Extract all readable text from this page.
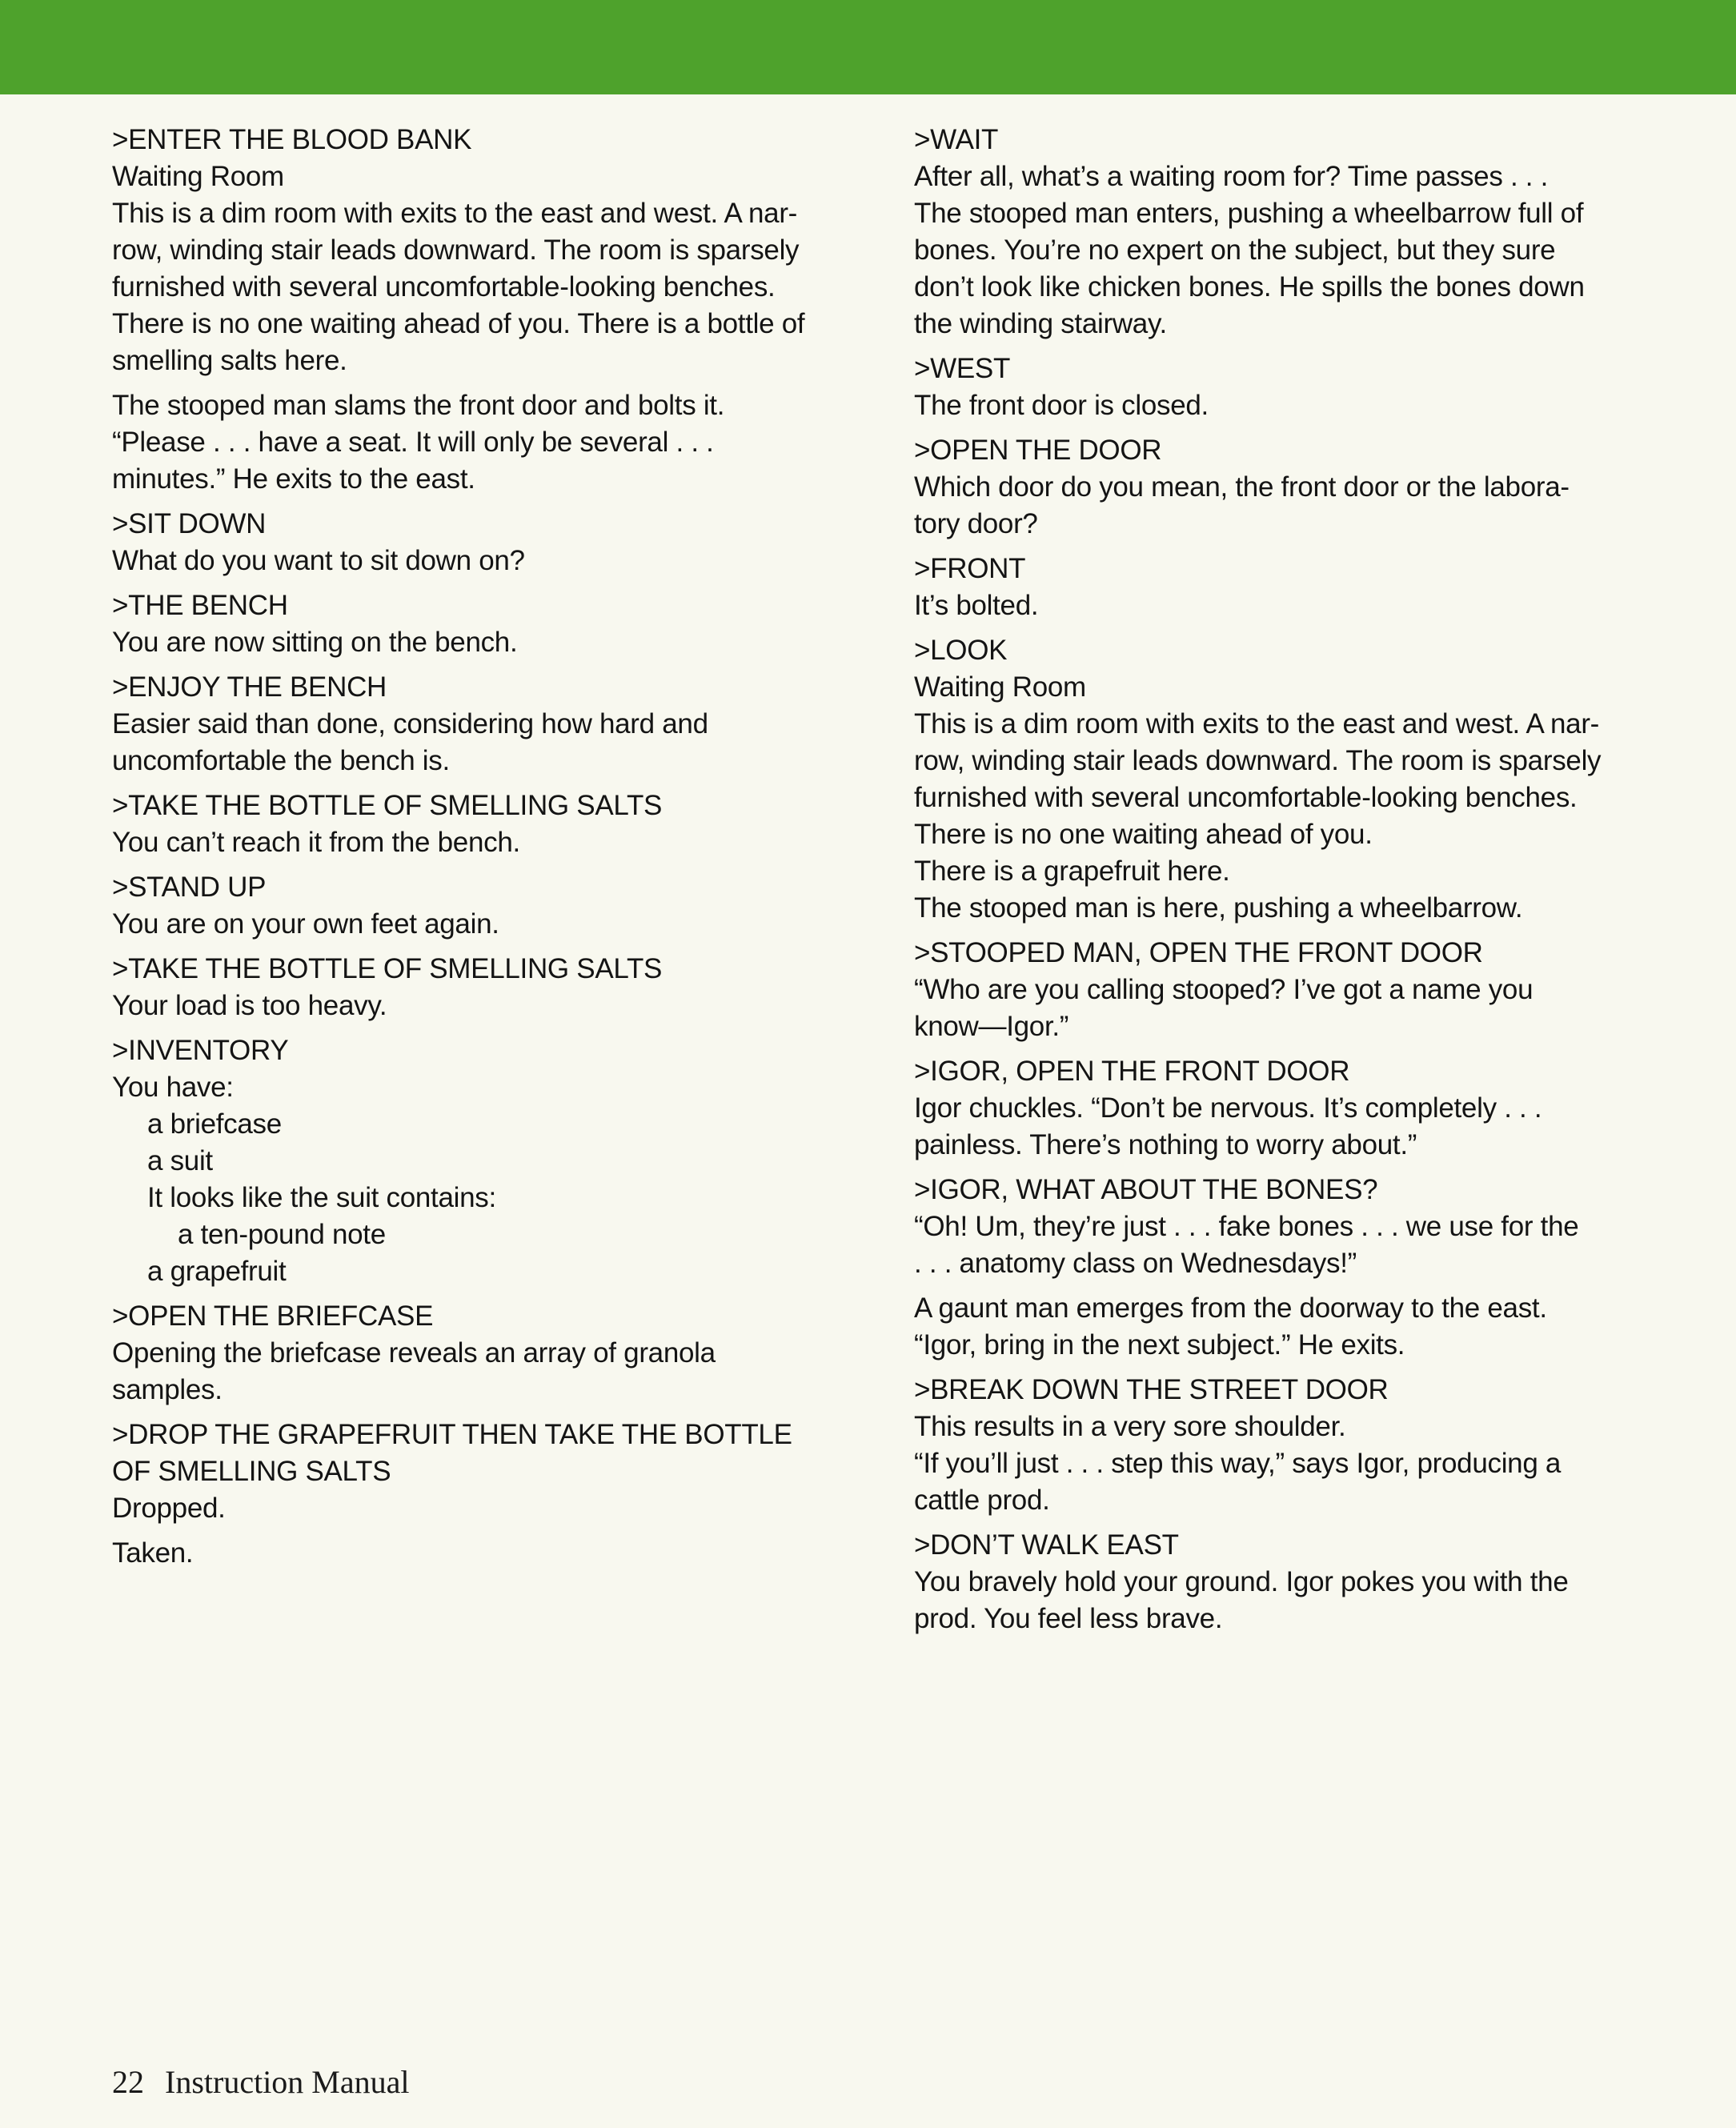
>ENTER THE BLOOD BANK

Waiting Room

This is a dim room with exits to the east and west. A nar-

row, winding stair leads downward. The room is sparsely

furnished with several uncomfortable-looking benches.

There is no one waiting ahead of you. There is a bottle of

smelling salts here.

The stooped man slams the front door and bolts it.

“Please . . . have a seat. It will only be several . . .

minutes.” He exits to the east.

>SIT DOWN

What do you want to sit down on?

>THE BENCH

You are now sitting on the bench.

>ENJOY THE BENCH

Easier said than done, considering how hard and

uncomfortable the bench is.

>TAKE THE BOTTLE OF SMELLING SALTS

You can’t reach it from the bench.

>STAND UP

You are on your own feet again.

>TAKE THE BOTTLE OF SMELLING SALTS

Your load is too heavy.

>INVENTORY

You have:

a briefcase

a suit

It looks like the suit contains:

a ten-pound note

a grapefruit

>OPEN THE BRIEFCASE

Opening the briefcase reveals an array of granola

samples.

>DROP THE GRAPEFRUIT THEN TAKE THE BOTTLE

OF SMELLING SALTS

Dropped.

Taken.

>WAIT

After all, what’s a waiting room for? Time passes . . .

The stooped man enters, pushing a wheelbarrow full of

bones. You’re no expert on the subject, but they sure

don’t look like chicken bones. He spills the bones down

the winding stairway.

>WEST

The front door is closed.

>OPEN THE DOOR

Which door do you mean, the front door or the labora-

tory door?

>FRONT

It’s bolted.

>LOOK

Waiting Room

This is a dim room with exits to the east and west. A nar-

row, winding stair leads downward. The room is sparsely

furnished with several uncomfortable-looking benches.

There is no one waiting ahead of you.

There is a grapefruit here.

The stooped man is here, pushing a wheelbarrow.

>STOOPED MAN, OPEN THE FRONT DOOR

“Who are you calling stooped? I’ve got a name you

know—Igor.”

>IGOR, OPEN THE FRONT DOOR

Igor chuckles. “Don’t be nervous. It’s completely . . .

painless. There’s nothing to worry about.”

>IGOR, WHAT ABOUT THE BONES?

“Oh! Um, they’re just . . . fake bones . . . we use for the

. . . anatomy class on Wednesdays!”

A gaunt man emerges from the doorway to the east.

“Igor, bring in the next subject.” He exits.

>BREAK DOWN THE STREET DOOR

This results in a very sore shoulder.

“If you’ll just . . . step this way,” says Igor, producing a

cattle prod.

>DON’T WALK EAST

You bravely hold your ground. Igor pokes you with the

prod. You feel less brave.

22 Instruction Manual
